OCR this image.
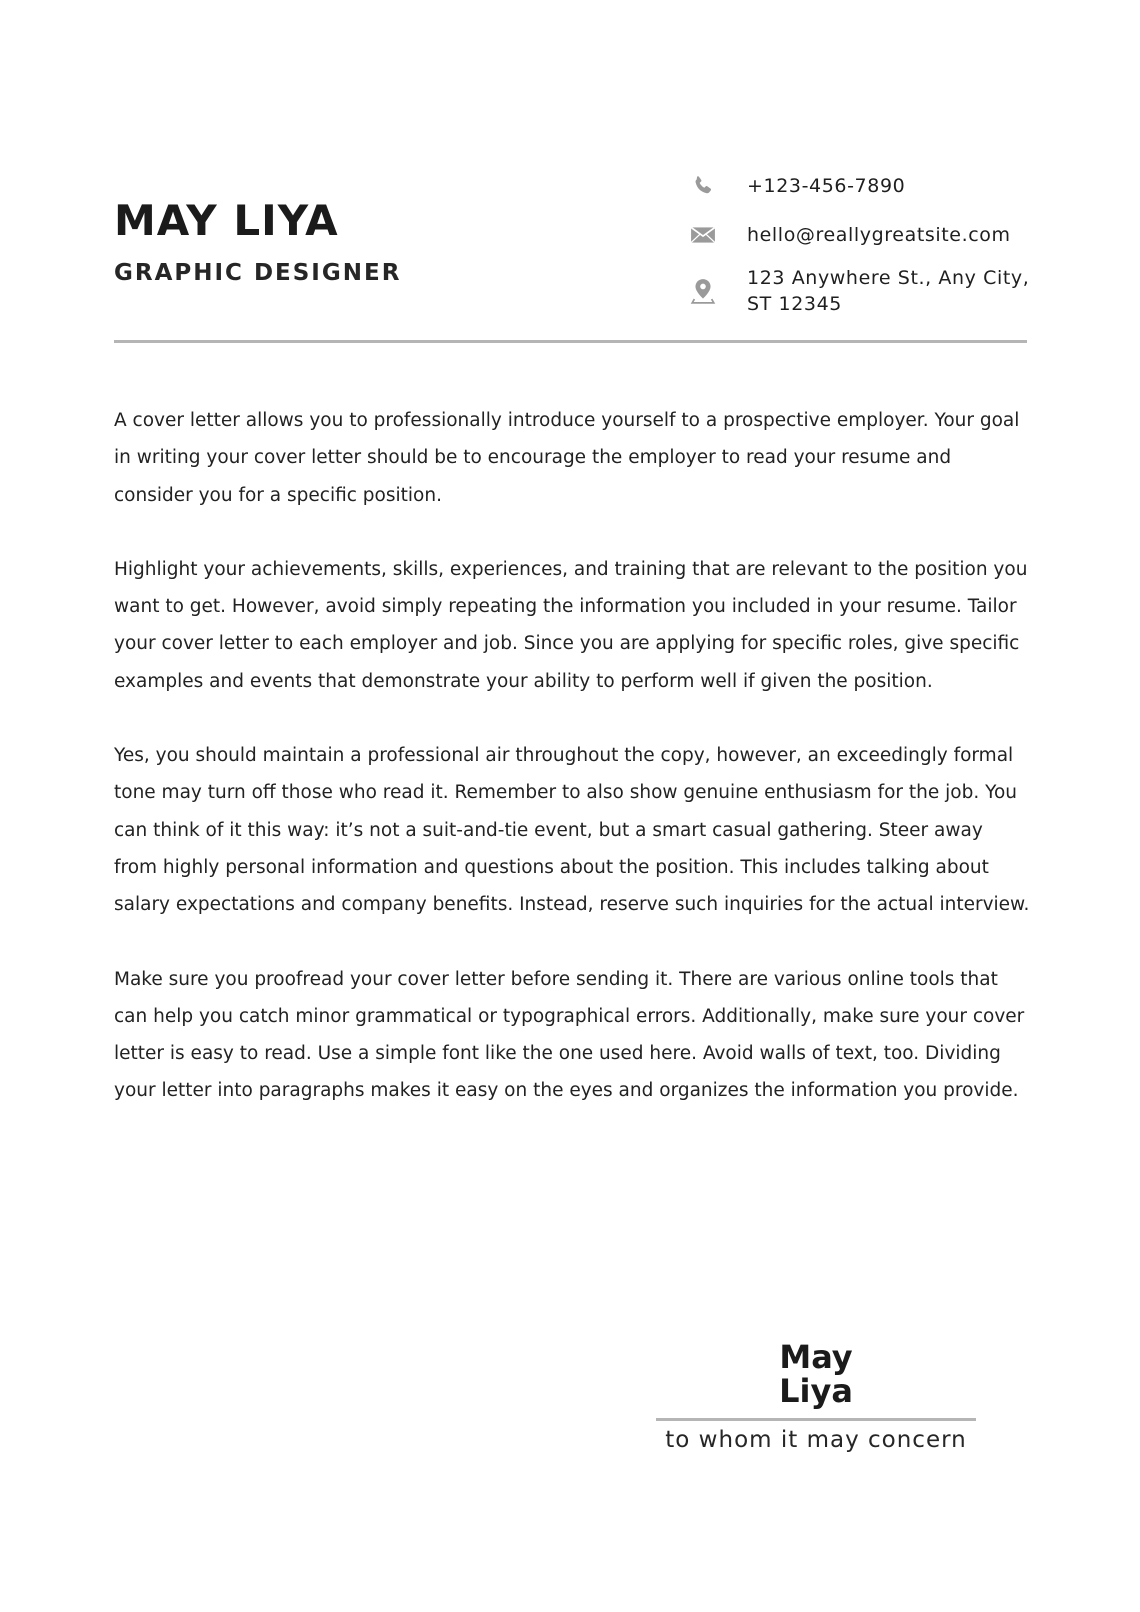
MAY LIYA
GRAPHIC DESIGNER
+123-456-7890
hello@reallygreatsite.com
123 Anywhere St., Any City,
ST 12345

A cover letter allows you to professionally introduce yourself to a prospective employer. Your goal in writing your cover letter should be to encourage the employer to read your resume and consider you for a specific position.

Highlight your achievements, skills, experiences, and training that are relevant to the position you want to get. However, avoid simply repeating the information you included in your resume. Tailor your cover letter to each employer and job. Since you are applying for specific roles, give specific examples and events that demonstrate your ability to perform well if given the position.

Yes, you should maintain a professional air throughout the copy, however, an exceedingly formal tone may turn off those who read it. Remember to also show genuine enthusiasm for the job. You can think of it this way: it’s not a suit-and-tie event, but a smart casual gathering. Steer away from highly personal information and questions about the position. This includes talking about salary expectations and company benefits. Instead, reserve such inquiries for the actual interview.

Make sure you proofread your cover letter before sending it. There are various online tools that can help you catch minor grammatical or typographical errors. Additionally, make sure your cover letter is easy to read. Use a simple font like the one used here. Avoid walls of text, too. Dividing your letter into paragraphs makes it easy on the eyes and organizes the information you provide.

May Liya
to whom it may concern
